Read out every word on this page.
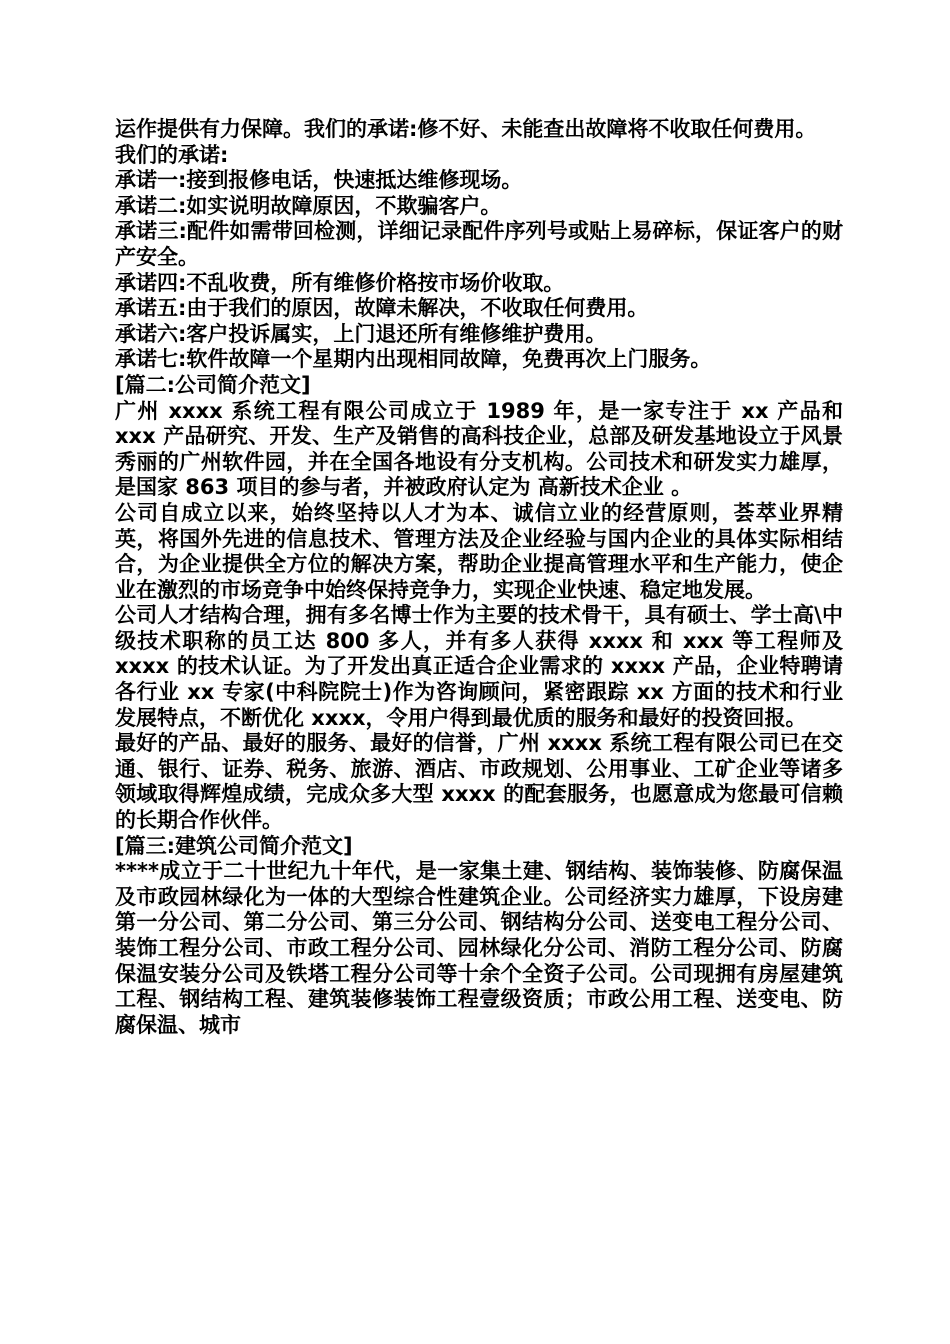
运作提供有力保障。我们的承诺:修不好、未能查出故障将不收取任何费用。

我们的承诺:

承诺一:接到报修电话，快速抵达维修现场。

承诺二:如实说明故障原因，不欺骗客户。

承诺三:配件如需带回检测，详细记录配件序列号或贴上易碎标，保证客户的财产安全。

承诺四:不乱收费，所有维修价格按市场价收取。

承诺五:由于我们的原因，故障未解决，不收取任何费用。

承诺六:客户投诉属实，上门退还所有维修维护费用。

承诺七:软件故障一个星期内出现相同故障，免费再次上门服务。

[篇二:公司简介范文]

广州 xxxx 系统工程有限公司成立于 1989 年，是一家专注于 xx 产品和 xxx 产品研究、开发、生产及销售的高科技企业，总部及研发基地设立于风景秀丽的广州软件园，并在全国各地设有分支机构。公司技术和研发实力雄厚，是国家 863 项目的参与者，并被政府认定为 高新技术企业 。

公司自成立以来，始终坚持以人才为本、诚信立业的经营原则，荟萃业界精英，将国外先进的信息技术、管理方法及企业经验与国内企业的具体实际相结合，为企业提供全方位的解决方案，帮助企业提高管理水平和生产能力，使企业在激烈的市场竞争中始终保持竞争力，实现企业快速、稳定地发展。

公司人才结构合理，拥有多名博士作为主要的技术骨干，具有硕士、学士高\中级技术职称的员工达 800 多人，并有多人获得 xxxx 和 xxx 等工程师及 xxxx 的技术认证。为了开发出真正适合企业需求的 xxxx 产品，企业特聘请各行业 xx 专家(中科院院士)作为咨询顾问，紧密跟踪 xx 方面的技术和行业发展特点，不断优化 xxxx，令用户得到最优质的服务和最好的投资回报。

最好的产品、最好的服务、最好的信誉，广州 xxxx 系统工程有限公司已在交通、银行、证券、税务、旅游、酒店、市政规划、公用事业、工矿企业等诸多领域取得辉煌成绩，完成众多大型 xxxx 的配套服务，也愿意成为您最可信赖的长期合作伙伴。

[篇三:建筑公司简介范文]

****成立于二十世纪九十年代，是一家集土建、钢结构、装饰装修、防腐保温及市政园林绿化为一体的大型综合性建筑企业。公司经济实力雄厚，下设房建第一分公司、第二分公司、第三分公司、钢结构分公司、送变电工程分公司、装饰工程分公司、市政工程分公司、园林绿化分公司、消防工程分公司、防腐保温安装分公司及铁塔工程分公司等十余个全资子公司。公司现拥有房屋建筑工程、钢结构工程、建筑装修装饰工程壹级资质；市政公用工程、送变电、防腐保温、城市
